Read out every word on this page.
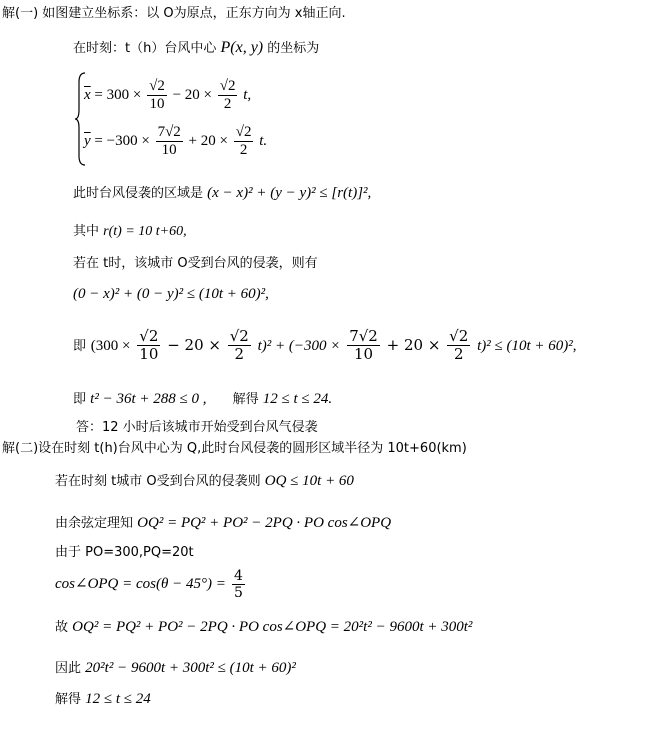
解(一) 如图建立坐标系：以 O为原点，正东方向为 x轴正向.
在时刻：t（h）台风中心 P(x, y) 的坐标为
$\overline{x} = 300 \times \frac{√2}{10} - 20 \times \frac{√2}{2} t$,
$\overline{y} = -300 \times \frac{7√2}{10} + 20 \times \frac{√2}{2} t$.
此时台风侵袭的区域是 (x − x)² + (y − y)² ≤ [r(t)]²,
其中 r(t) = 10 t+60,
若在 t时，该城市 O受到台风的侵袭，则有
(0 − x)² + (0 − y)² ≤ (10t + 60)²,
即 $(300 \times \frac{√2}{10} - 20 \times \frac{√2}{2} t)^2 + (-300 \times \frac{7√2}{10} + 20 \times \frac{√2}{2} t)^2 \le (10t + 60)^2$,
即 t² − 36t + 288 ≤ 0 , 解得 12 ≤ t ≤ 24.
答：12 小时后该城市开始受到台风气侵袭
解(二)设在时刻 t(h)台风中心为 Q,此时台风侵袭的圆形区域半径为 10t+60(km)
若在时刻 t城市 O受到台风的侵袭则 OQ ≤ 10t + 60
由余弦定理知 OQ² = PQ² + PO² − 2PQ · PO cos∠OPQ
由于 PO=300,PQ=20t
cos∠OPQ = $\cos(\theta - 45^\circ) = \frac{4}{5}$
故 OQ² = PQ² + PO² − 2PQ · PO cos∠OPQ = 20²t² − 9600t + 300t²
因此 20²t² − 9600t + 300t² ≤ (10t + 60)²
解得 12 ≤ t ≤ 24
